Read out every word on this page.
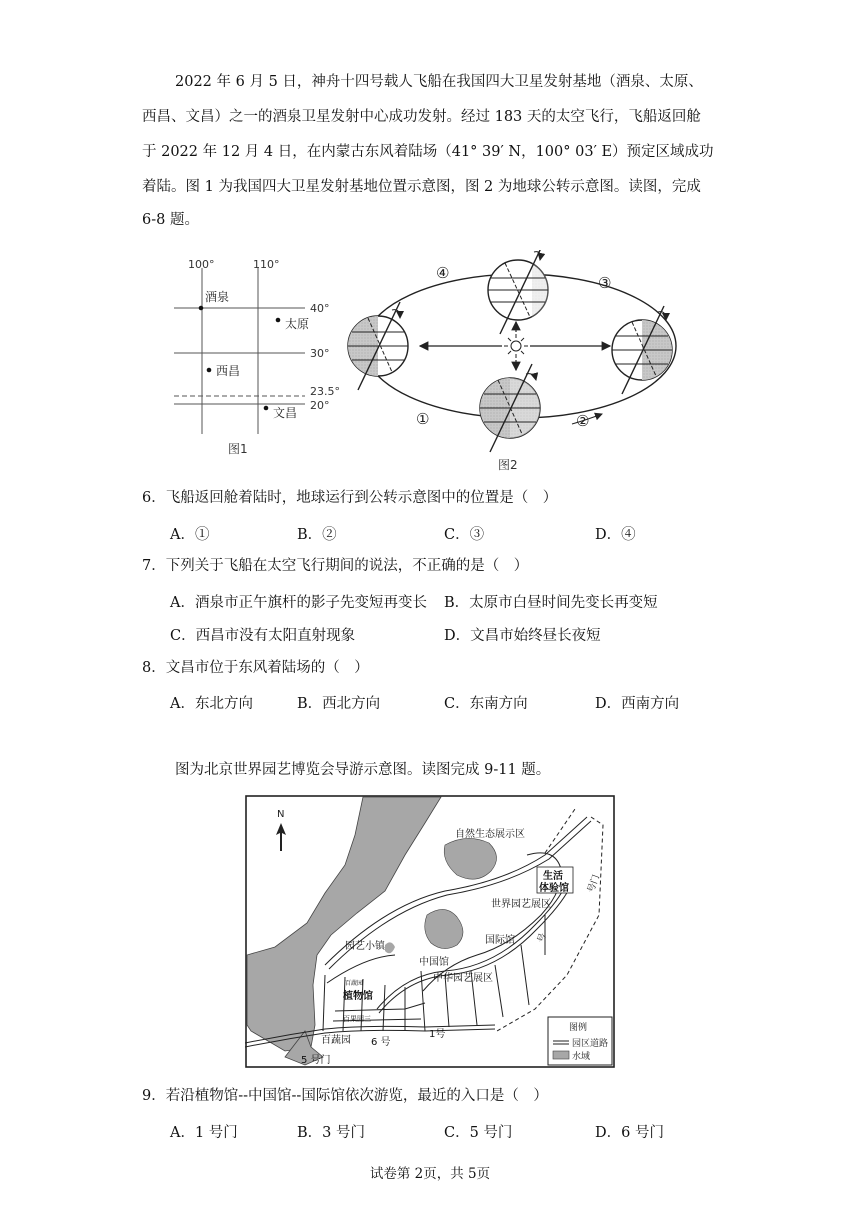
2022 年 6 月 5 日，神舟十四号载人飞船在我国四大卫星发射基地（酒泉、太原、
西昌、文昌）之一的酒泉卫星发射中心成功发射。经过 183 天的太空飞行，飞船返回舱
于 2022 年 12 月 4 日，在内蒙古东风着陆场（41° 39′ N，100° 03′ E）预定区域成功
着陆。图 1 为我国四大卫星发射基地位置示意图，图 2 为地球公转示意图。读图，完成
6-8 题。
100°	110°
40°
30°
23.5°
20°
酒泉
太原
西昌
文昌
图1
①	②
③
④
图2
6．飞船返回舱着陆时，地球运行到公转示意图中的位置是（　）
A．①	B．②	C．③	D．④
7．下列关于飞船在太空飞行期间的说法，不正确的是（　）
A．酒泉市正午旗杆的影子先变短再变长 B．太原市白昼时间先变长再变短
C．西昌市没有太阳直射现象	D．文昌市始终昼长夜短
8．文昌市位于东风着陆场的（　）
A．东北方向	B．西北方向	C．东南方向	D．西南方向
图为北京世界园艺博览会导游示意图。读图完成 9-11 题。
图例
园区道路
水域
N
自然生态展示区
生活
体验馆
世界园艺展区
园艺小镇
国际馆
中国馆
中华园艺展区
百蔬园
植物馆
百果园三
百蔬园
5 号门
6 号
1号
号
号门
9．若沿植物馆--中国馆--国际馆依次游览，最近的入口是（　）
A．1 号门	B．3 号门	C．5 号门	D．6 号门
试卷第 2页，共 5页
